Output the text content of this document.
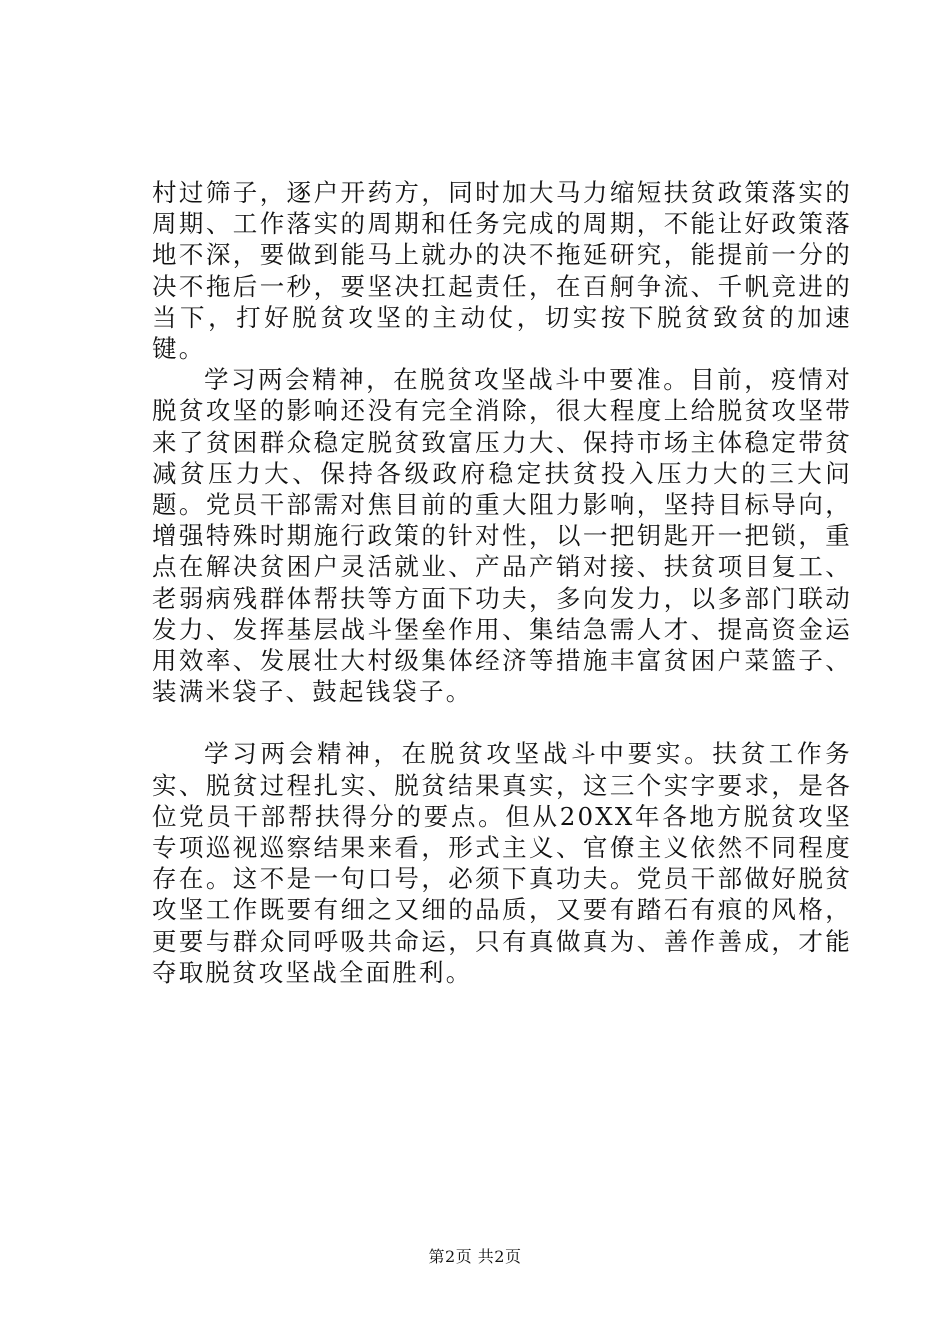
村过筛子，逐户开药方，同时加大马力缩短扶贫政策落实的周期、工作落实的周期和任务完成的周期，不能让好政策落地不深，要做到能马上就办的决不拖延研究，能提前一分的决不拖后一秒，要坚决扛起责任，在百舸争流、千帆竞进的当下，打好脱贫攻坚的主动仗，切实按下脱贫致贫的加速键。

学习两会精神，在脱贫攻坚战斗中要准。目前，疫情对脱贫攻坚的影响还没有完全消除，很大程度上给脱贫攻坚带来了贫困群众稳定脱贫致富压力大、保持市场主体稳定带贫减贫压力大、保持各级政府稳定扶贫投入压力大的三大问题。党员干部需对焦目前的重大阻力影响，坚持目标导向，增强特殊时期施行政策的针对性，以一把钥匙开一把锁，重点在解决贫困户灵活就业、产品产销对接、扶贫项目复工、老弱病残群体帮扶等方面下功夫，多向发力，以多部门联动发力、发挥基层战斗堡垒作用、集结急需人才、提高资金运用效率、发展壮大村级集体经济等措施丰富贫困户菜篮子、装满米袋子、鼓起钱袋子。

学习两会精神，在脱贫攻坚战斗中要实。扶贫工作务实、脱贫过程扎实、脱贫结果真实，这三个实字要求，是各位党员干部帮扶得分的要点。但从20XX年各地方脱贫攻坚专项巡视巡察结果来看，形式主义、官僚主义依然不同程度存在。这不是一句口号，必须下真功夫。党员干部做好脱贫攻坚工作既要有细之又细的品质，又要有踏石有痕的风格，更要与群众同呼吸共命运，只有真做真为、善作善成，才能夺取脱贫攻坚战全面胜利。

第2页 共2页
